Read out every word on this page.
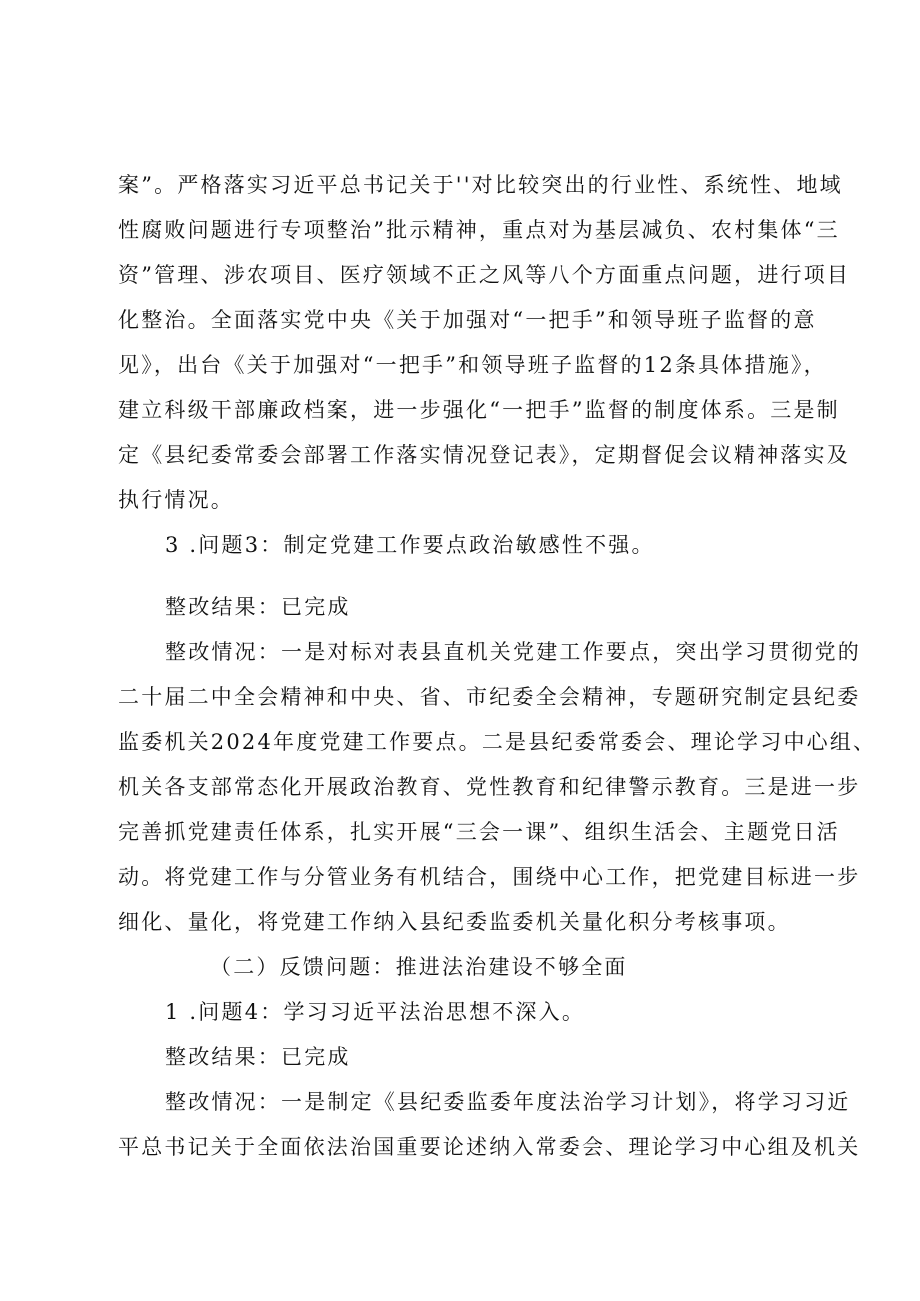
案”。严格落实习近平总书记关于''对比较突出的行业性、系统性、地域
性腐败问题进行专项整治”批示精神，重点对为基层减负、农村集体“三
资”管理、涉农项目、医疗领域不正之风等八个方面重点问题，进行项目
化整治。全面落实党中央《关于加强对“一把手”和领导班子监督的意
见》，出台《关于加强对“一把手”和领导班子监督的12条具体措施》，
建立科级干部廉政档案，进一步强化“一把手”监督的制度体系。三是制
定《县纪委常委会部署工作落实情况登记表》，定期督促会议精神落实及
执行情况。
3 .问题3：制定党建工作要点政治敏感性不强。
整改结果：已完成
整改情况：一是对标对表县直机关党建工作要点，突出学习贯彻党的
二十届二中全会精神和中央、省、市纪委全会精神，专题研究制定县纪委
监委机关2024年度党建工作要点。二是县纪委常委会、理论学习中心组、
机关各支部常态化开展政治教育、党性教育和纪律警示教育。三是进一步
完善抓党建责任体系，扎实开展“三会一课”、组织生活会、主题党日活
动。将党建工作与分管业务有机结合，围绕中心工作，把党建目标进一步
细化、量化，将党建工作纳入县纪委监委机关量化积分考核事项。
（二）反馈问题：推进法治建设不够全面
1 .问题4：学习习近平法治思想不深入。
整改结果：已完成
整改情况：一是制定《县纪委监委年度法治学习计划》，将学习习近
平总书记关于全面依法治国重要论述纳入常委会、理论学习中心组及机关
